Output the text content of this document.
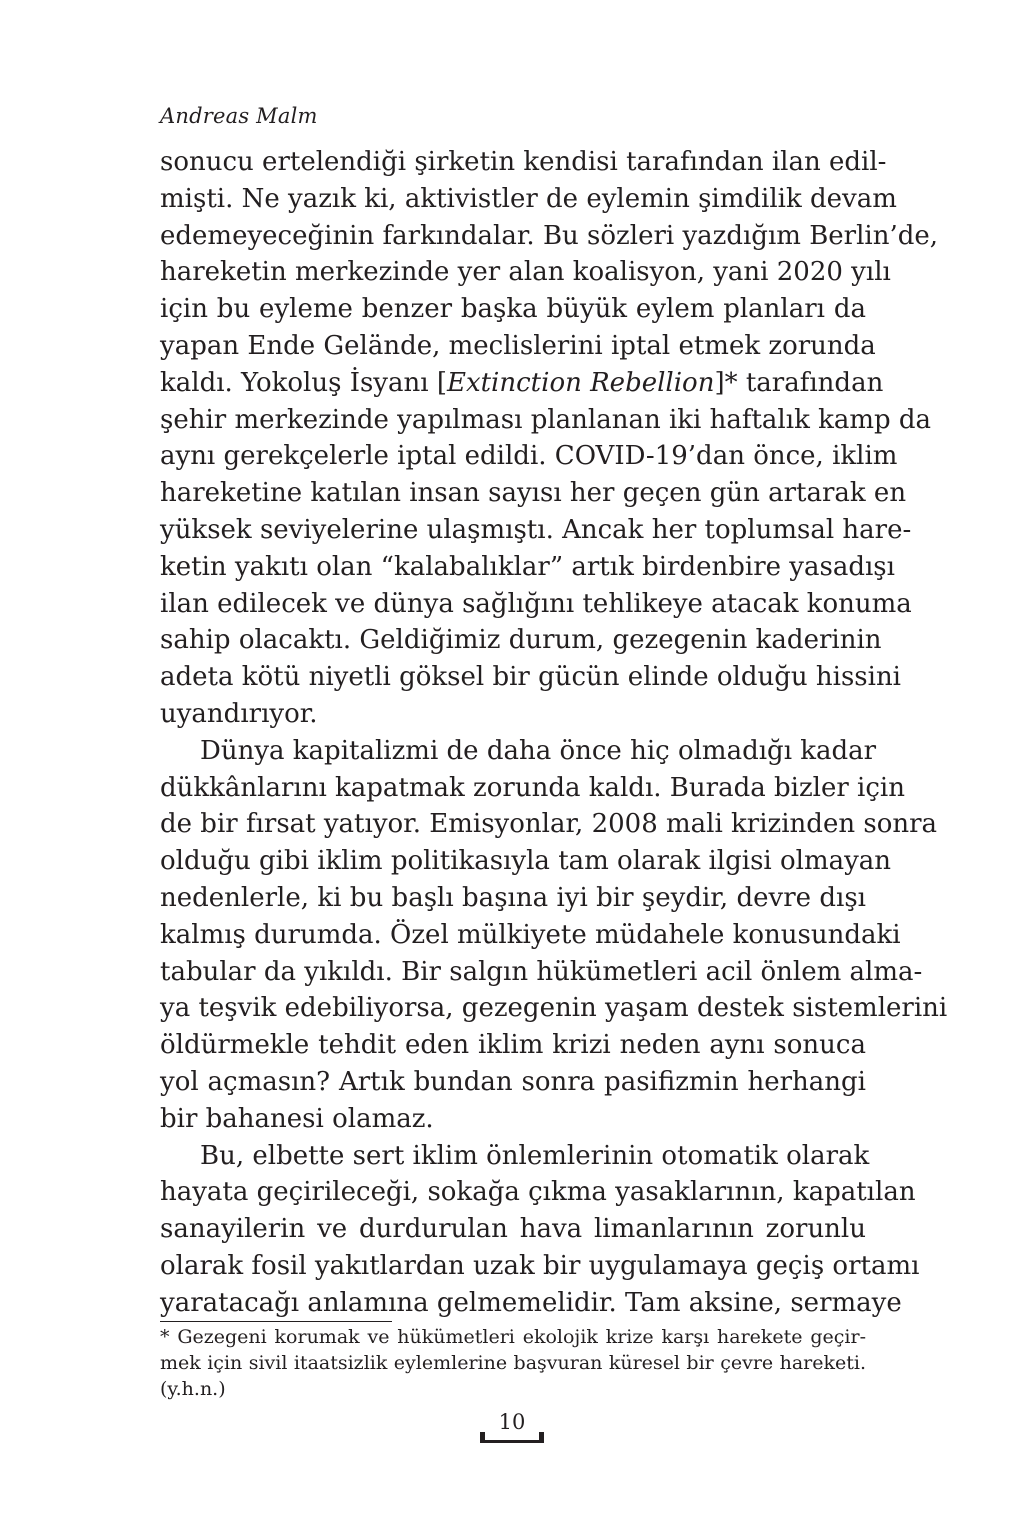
Andreas Malm
sonucu ertelendiği şirketin kendisi tarafından ilan edil-
mişti. Ne yazık ki, aktivistler de eylemin şimdilik devam
edemeyeceğinin farkındalar. Bu sözleri yazdığım Berlin’de,
hareketin merkezinde yer alan koalisyon, yani 2020 yılı
için bu eyleme benzer başka büyük eylem planları da
yapan Ende Gelände, meclislerini iptal etmek zorunda
kaldı. Yokoluş İsyanı [Extinction Rebellion]* tarafından
şehir merkezinde yapılması planlanan iki haftalık kamp da
aynı gerekçelerle iptal edildi. COVID-19’dan önce, iklim
hareketine katılan insan sayısı her geçen gün artarak en
yüksek seviyelerine ulaşmıştı. Ancak her toplumsal hare-
ketin yakıtı olan “kalabalıklar” artık birdenbire yasadışı
ilan edilecek ve dünya sağlığını tehlikeye atacak konuma
sahip olacaktı. Geldiğimiz durum, gezegenin kaderinin
adeta kötü niyetli göksel bir gücün elinde olduğu hissini
uyandırıyor.
Dünya kapitalizmi de daha önce hiç olmadığı kadar
dükkânlarını kapatmak zorunda kaldı. Burada bizler için
de bir fırsat yatıyor. Emisyonlar, 2008 mali krizinden sonra
olduğu gibi iklim politikasıyla tam olarak ilgisi olmayan
nedenlerle, ki bu başlı başına iyi bir şeydir, devre dışı
kalmış durumda. Özel mülkiyete müdahele konusundaki
tabular da yıkıldı. Bir salgın hükümetleri acil önlem alma-
ya teşvik edebiliyorsa, gezegenin yaşam destek sistemlerini
öldürmekle tehdit eden iklim krizi neden aynı sonuca
yol açmasın? Artık bundan sonra pasifizmin herhangi
bir bahanesi olamaz.
Bu, elbette sert iklim önlemlerinin otomatik olarak
hayata geçirileceği, sokağa çıkma yasaklarının, kapatılan
sanayilerin ve durdurulan hava limanlarının zorunlu
olarak fosil yakıtlardan uzak bir uygulamaya geçiş ortamı
yaratacağı anlamına gelmemelidir. Tam aksine, sermaye
* Gezegeni korumak ve hükümetleri ekolojik krize karşı harekete geçir-
mek için sivil itaatsizlik eylemlerine başvuran küresel bir çevre hareketi.
(y.h.n.)
10
